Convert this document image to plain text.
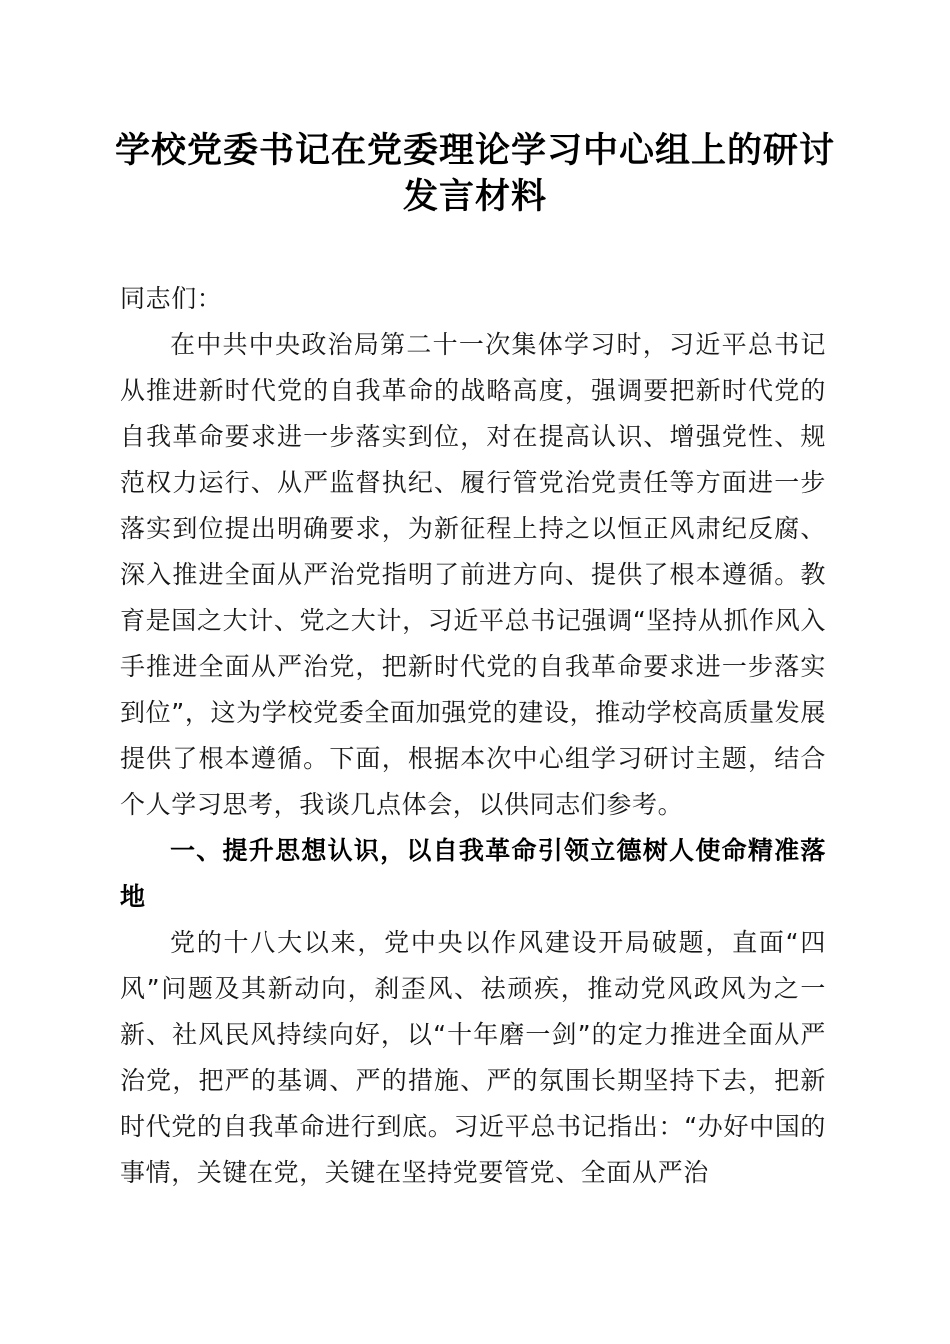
学校党委书记在党委理论学习中心组上的研讨
发言材料

同志们：

在中共中央政治局第二十一次集体学习时，习近平总书记从推进新时代党的自我革命的战略高度，强调要把新时代党的自我革命要求进一步落实到位，对在提高认识、增强党性、规范权力运行、从严监督执纪、履行管党治党责任等方面进一步落实到位提出明确要求，为新征程上持之以恒正风肃纪反腐、深入推进全面从严治党指明了前进方向、提供了根本遵循。教育是国之大计、党之大计，习近平总书记强调“坚持从抓作风入手推进全面从严治党，把新时代党的自我革命要求进一步落实到位”，这为学校党委全面加强党的建设，推动学校高质量发展提供了根本遵循。下面，根据本次中心组学习研讨主题，结合个人学习思考，我谈几点体会，以供同志们参考。

一、提升思想认识，以自我革命引领立德树人使命精准落地

党的十八大以来，党中央以作风建设开局破题，直面“四风”问题及其新动向，刹歪风、祛顽疾，推动党风政风为之一新、社风民风持续向好，以“十年磨一剑”的定力推进全面从严治党，把严的基调、严的措施、严的氛围长期坚持下去，把新时代党的自我革命进行到底。习近平总书记指出：“办好中国的事情，关键在党，关键在坚持党要管党、全面从严治
